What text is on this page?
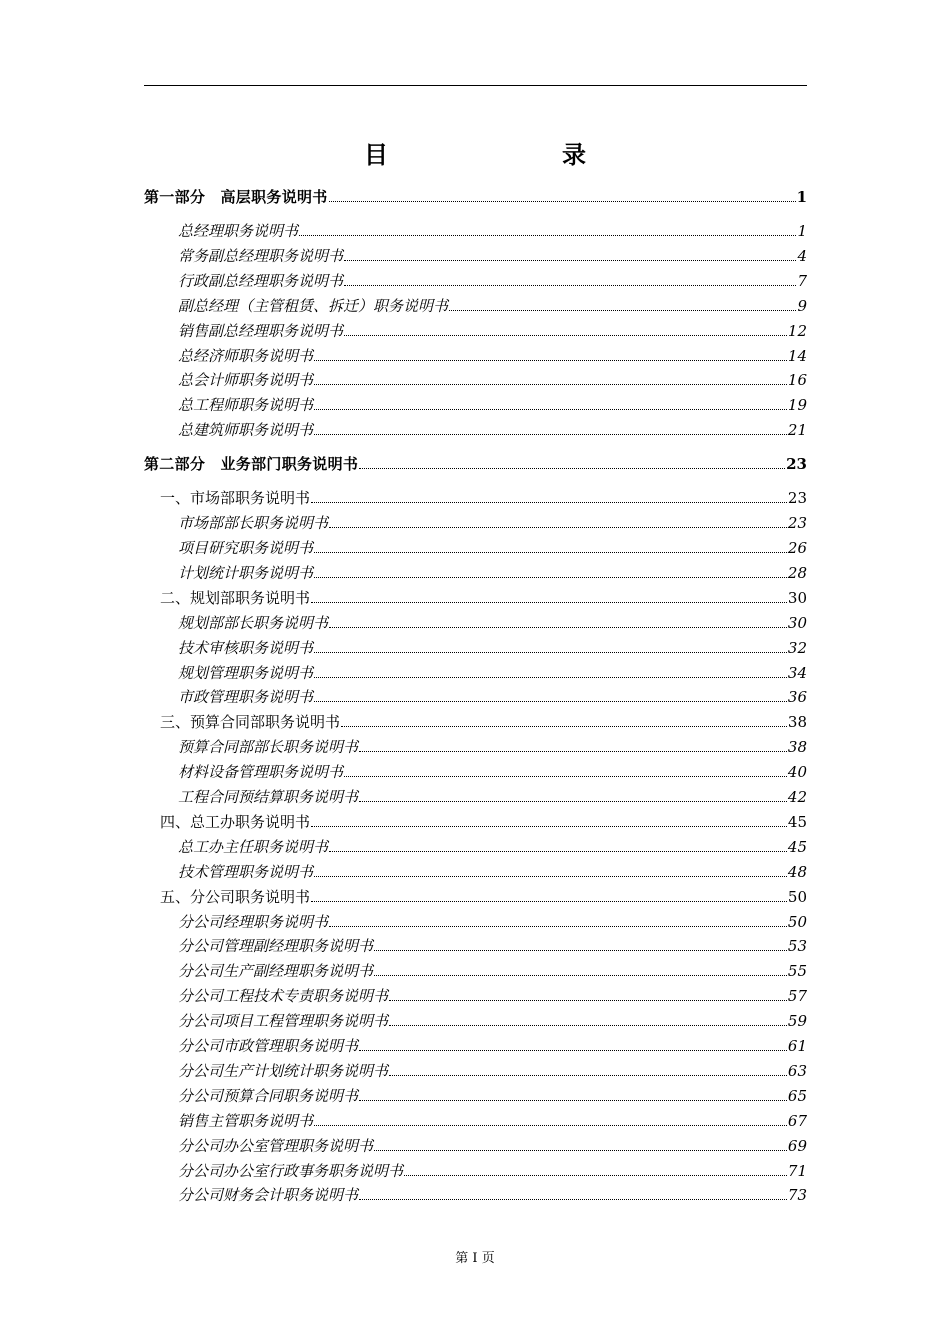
目　　录
第一部分　高层职务说明书	1
总经理职务说明书	1
常务副总经理职务说明书	4
行政副总经理职务说明书	7
副总经理（主管租赁、拆迁）职务说明书	9
销售副总经理职务说明书	12
总经济师职务说明书	14
总会计师职务说明书	16
总工程师职务说明书	19
总建筑师职务说明书	21
第二部分　业务部门职务说明书	23
一、市场部职务说明书	23
市场部部长职务说明书	23
项目研究职务说明书	26
计划统计职务说明书	28
二、规划部职务说明书	30
规划部部长职务说明书	30
技术审核职务说明书	32
规划管理职务说明书	34
市政管理职务说明书	36
三、预算合同部职务说明书	38
预算合同部部长职务说明书	38
材料设备管理职务说明书	40
工程合同预结算职务说明书	42
四、总工办职务说明书	45
总工办主任职务说明书	45
技术管理职务说明书	48
五、分公司职务说明书	50
分公司经理职务说明书	50
分公司管理副经理职务说明书	53
分公司生产副经理职务说明书	55
分公司工程技术专责职务说明书	57
分公司项目工程管理职务说明书	59
分公司市政管理职务说明书	61
分公司生产计划统计职务说明书	63
分公司预算合同职务说明书	65
销售主管职务说明书	67
分公司办公室管理职务说明书	69
分公司办公室行政事务职务说明书	71
分公司财务会计职务说明书	73
第 I 页
